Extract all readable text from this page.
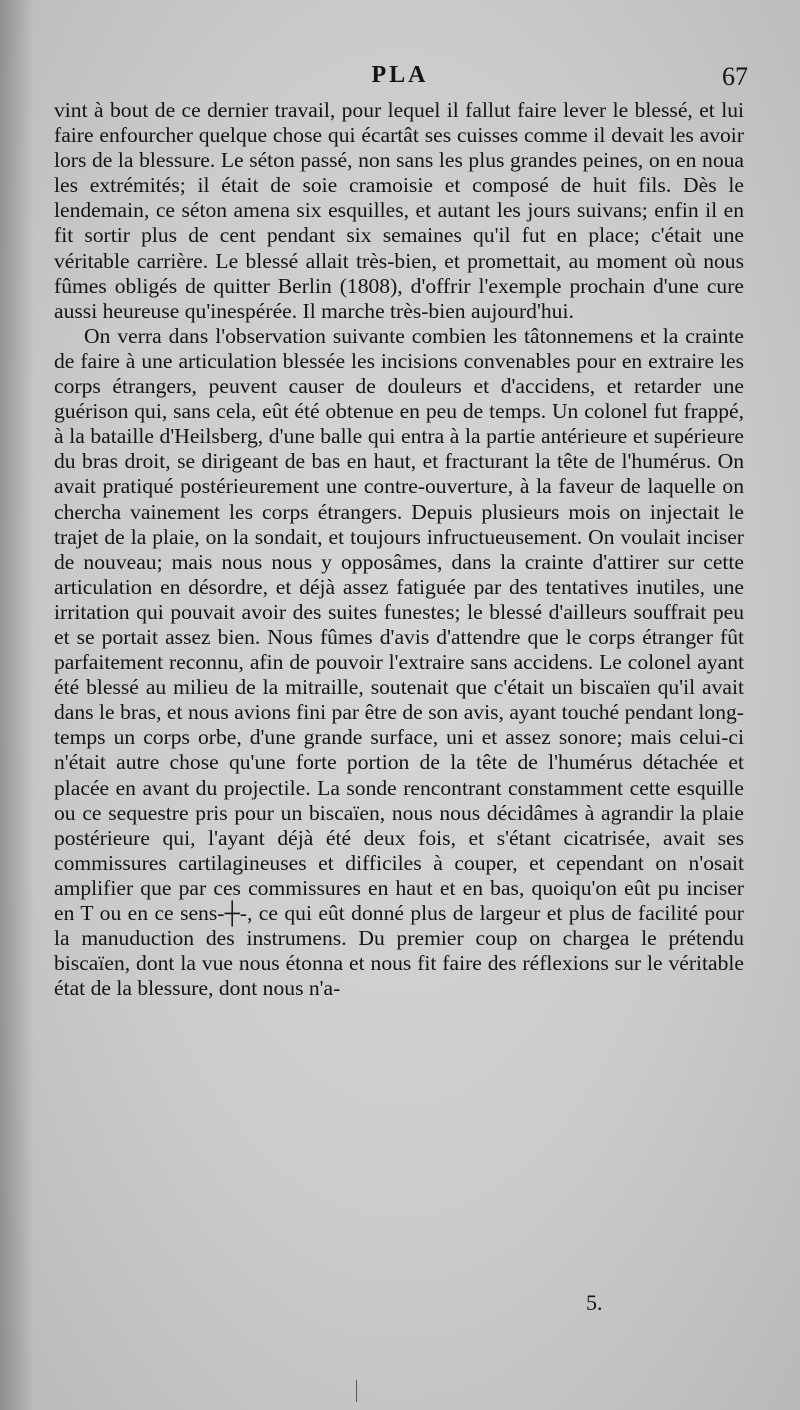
PLA	67

vint à bout de ce dernier travail, pour lequel il fallut faire lever le blessé, et lui faire enfourcher quelque chose qui écartât ses cuisses comme il devait les avoir lors de la blessure. Le séton passé, non sans les plus grandes peines, on en noua les extrémités; il était de soie cramoisie et composé de huit fils. Dès le lendemain, ce séton amena six esquilles, et autant les jours suivans; enfin il en fit sortir plus de cent pendant six semaines qu'il fut en place; c'était une véritable carrière. Le blessé allait très-bien, et promettait, au moment où nous fûmes obligés de quitter Berlin (1808), d'offrir l'exemple prochain d'une cure aussi heureuse qu'inespérée. Il marche très-bien aujourd'hui.

On verra dans l'observation suivante combien les tâtonnemens et la crainte de faire à une articulation blessée les incisions convenables pour en extraire les corps étrangers, peuvent causer de douleurs et d'accidens, et retarder une guérison qui, sans cela, eût été obtenue en peu de temps. Un colonel fut frappé, à la bataille d'Heilsberg, d'une balle qui entra à la partie antérieure et supérieure du bras droit, se dirigeant de bas en haut, et fracturant la tête de l'humérus. On avait pratiqué postérieurement une contre-ouverture, à la faveur de laquelle on chercha vainement les corps étrangers. Depuis plusieurs mois on injectait le trajet de la plaie, on la sondait, et toujours infructueusement. On voulait inciser de nouveau; mais nous nous y opposâmes, dans la crainte d'attirer sur cette articulation en désordre, et déjà assez fatiguée par des tentatives inutiles, une irritation qui pouvait avoir des suites funestes; le blessé d'ailleurs souffrait peu et se portait assez bien. Nous fûmes d'avis d'attendre que le corps étranger fût parfaitement reconnu, afin de pouvoir l'extraire sans accidens. Le colonel ayant été blessé au milieu de la mitraille, soutenait que c'était un biscaïen qu'il avait dans le bras, et nous avions fini par être de son avis, ayant touché pendant long-temps un corps orbe, d'une grande surface, uni et assez sonore; mais celui-ci n'était autre chose qu'une forte portion de la tête de l'humérus détachée et placée en avant du projectile. La sonde rencontrant constamment cette esquille ou ce sequestre pris pour un biscaïen, nous nous décidâmes à agrandir la plaie postérieure qui, l'ayant déjà été deux fois, et s'étant cicatrisée, avait ses commissures cartilagineuses et difficiles à couper, et cependant on n'osait amplifier que par ces commissures en haut et en bas, quoiqu'on eût pu inciser en T ou en ce sens-┼-, ce qui eût donné plus de largeur et plus de facilité pour la manuduction des instrumens. Du premier coup on chargea le prétendu biscaïen, dont la vue nous étonna et nous fit faire des réflexions sur le véritable état de la blessure, dont nous n'a-

5.
